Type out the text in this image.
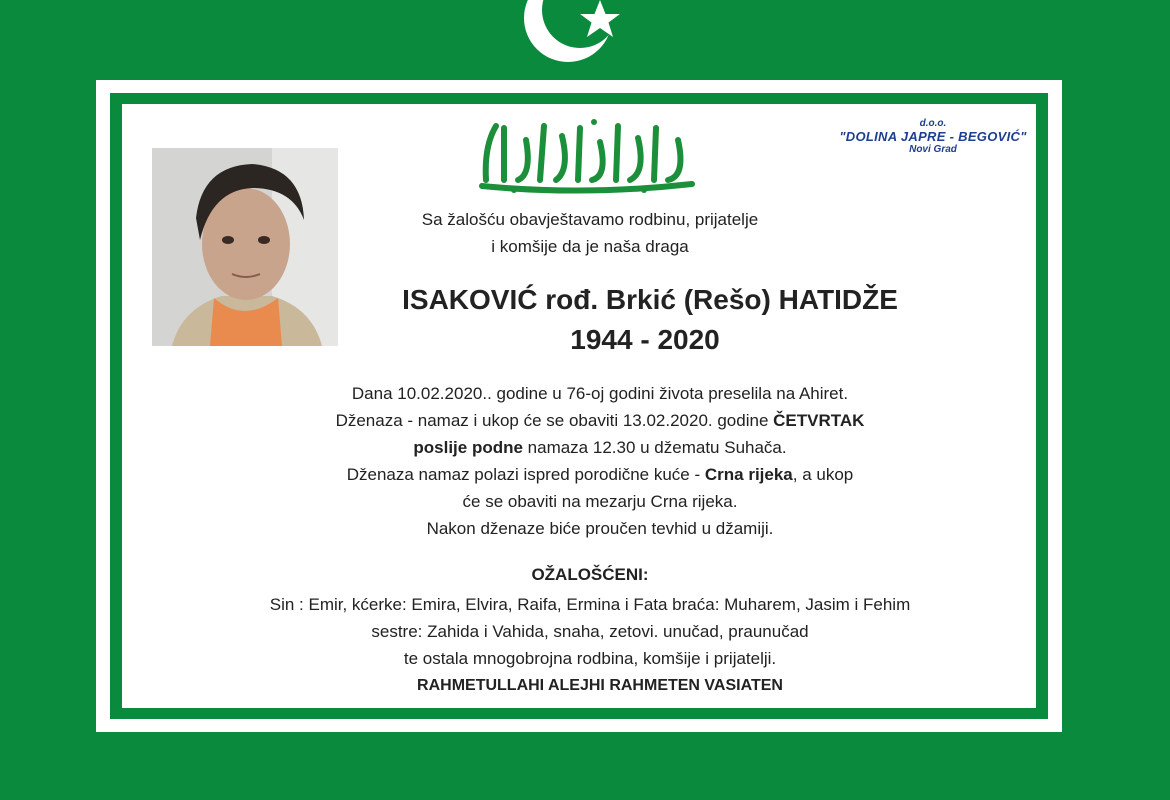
d.o.o.
"DOLINA JAPRE - BEGOVIĆ"
Novi Grad
Sa žalošću obavještavamo rodbinu, prijatelje
i komšije da je naša draga
ISAKOVIĆ rođ. Brkić (Rešo) HATIDŽE
1944 - 2020
Dana 10.02.2020.. godine u 76-oj godini života preselila na Ahiret.
Dženaza - namaz i ukop će se obaviti 13.02.2020. godine ČETVRTAK
poslije podne namaza 12.30 u džematu Suhača.
Dženaza namaz polazi ispred porodične kuće - Crna rijeka, a ukop
će se obaviti na mezarju Crna rijeka.
Nakon dženaze biće proučen tevhid u džamiji.
OŽALOŠĆENI:
Sin : Emir, kćerke: Emira, Elvira, Raifa, Ermina i Fata braća: Muharem, Jasim i Fehim
sestre: Zahida i Vahida, snaha, zetovi. unučad, praunučad
te ostala mnogobrojna rodbina, komšije i prijatelji.
RAHMETULLAHI ALEJHI RAHMETEN VASIATEN
